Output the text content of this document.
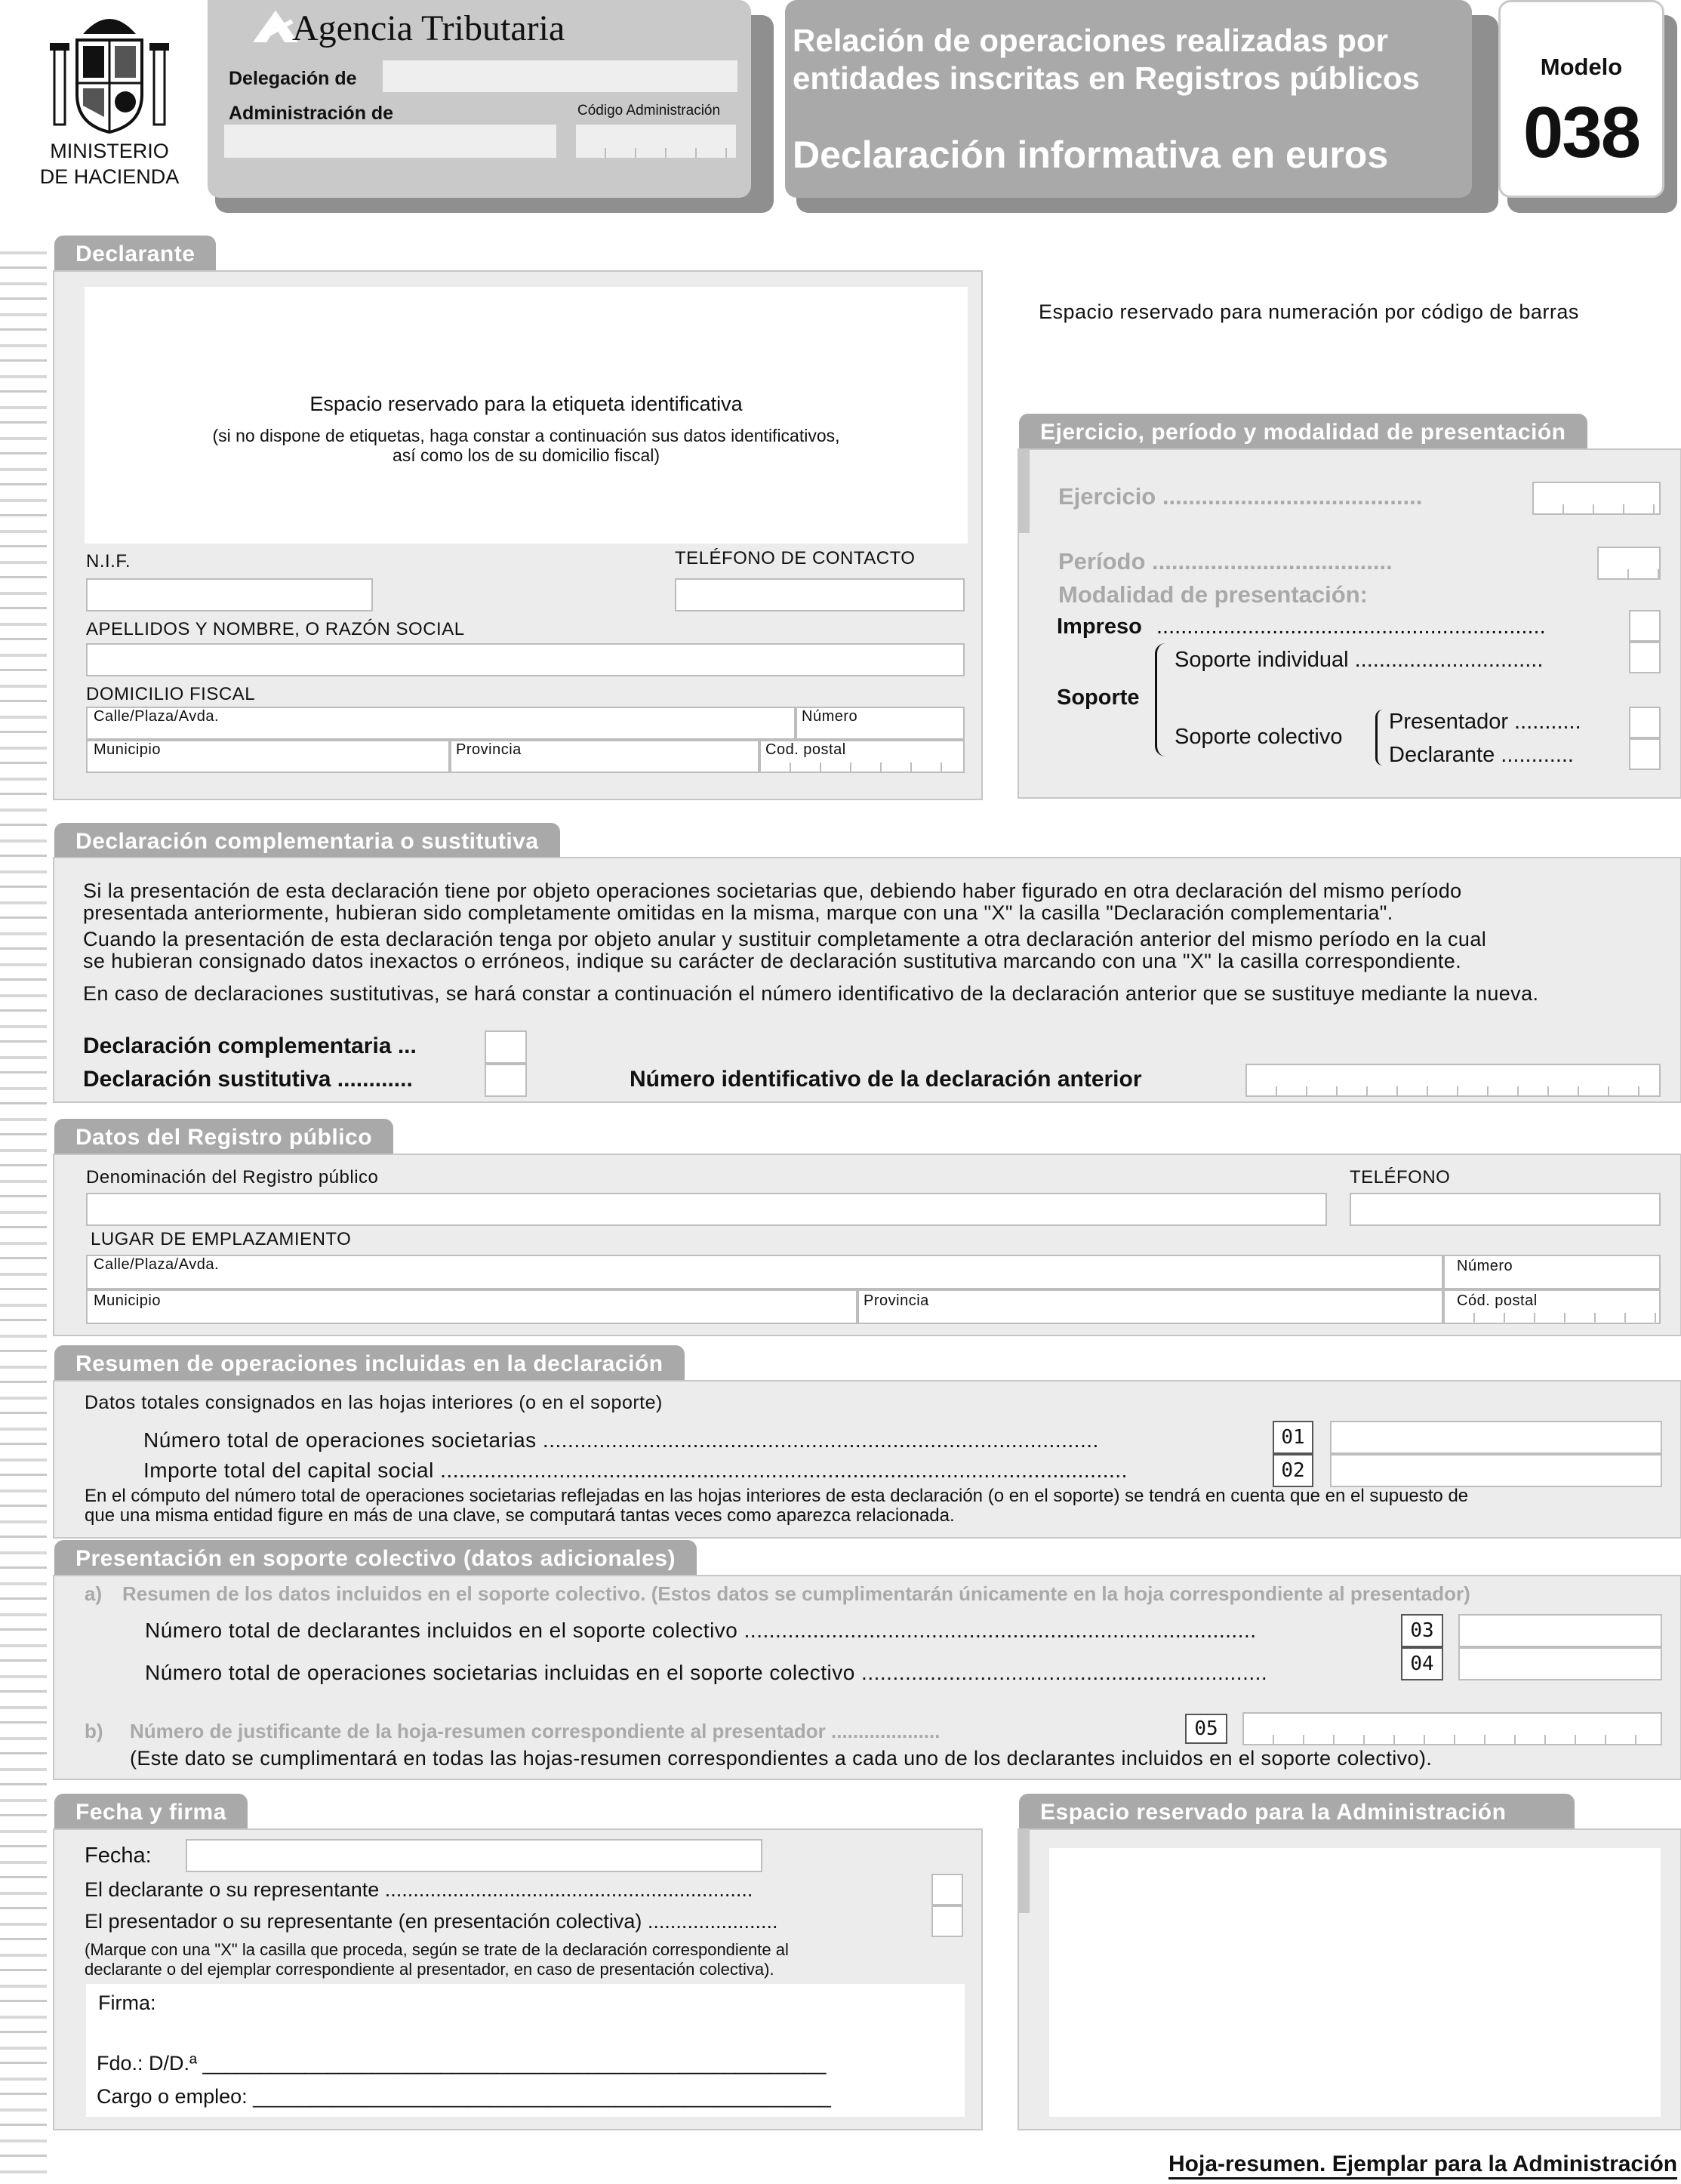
MINISTERIO
DE HACIENDA
Agencia Tributaria
Delegación de
Administración de	Código Administración
Relación de operaciones realizadas por
entidades inscritas en Registros públicos
Declaración informativa en euros
Modelo
038
Declarante
Espacio reservado para la etiqueta identificativa
(si no dispone de etiquetas, haga constar a continuación sus datos identificativos,
así como los de su domicilio fiscal)
N.I.F.	TELÉFONO DE CONTACTO
APELLIDOS Y NOMBRE, O RAZÓN SOCIAL
DOMICILIO FISCAL
Calle/Plaza/Avda.	Número
Municipio	Provincia	Cod. postal
Espacio reservado para numeración por código de barras
Ejercicio, período y modalidad de presentación
Ejercicio ........................................
Período .....................................
Modalidad de presentación:
Impreso ................................................................
Soporte
Soporte individual ...............................
Soporte colectivo
Presentador ...........
Declarante ............
Declaración complementaria o sustitutiva
Si la presentación de esta declaración tiene por objeto operaciones societarias que, debiendo haber figurado en otra declaración del mismo período
presentada anteriormente, hubieran sido completamente omitidas en la misma, marque con una "X" la casilla "Declaración complementaria".
Cuando la presentación de esta declaración tenga por objeto anular y sustituir completamente a otra declaración anterior del mismo período en la cual
se hubieran consignado datos inexactos o erróneos, indique su carácter de declaración sustitutiva marcando con una "X" la casilla correspondiente.
En caso de declaraciones sustitutivas, se hará constar a continuación el número identificativo de la declaración anterior que se sustituye mediante la nueva.
Declaración complementaria ...
Declaración sustitutiva ............	Número identificativo de la declaración anterior
Datos del Registro público
Denominación del Registro público	TELÉFONO
LUGAR DE EMPLAZAMIENTO
Calle/Plaza/Avda.	Número
Municipio	Provincia	Cód. postal
Resumen de operaciones incluidas en la declaración
Datos totales consignados en las hojas interiores (o en el soporte)
Número total de operaciones societarias .........................................................................................	01
Importe total del capital social ..............................................................................................................	02
En el cómputo del número total de operaciones societarias reflejadas en las hojas interiores de esta declaración (o en el soporte) se tendrá en cuenta que en el supuesto de
que una misma entidad figure en más de una clave, se computará tantas veces como aparezca relacionada.
Presentación en soporte colectivo (datos adicionales)
a) Resumen de los datos incluidos en el soporte colectivo. (Estos datos se cumplimentarán únicamente en la hoja correspondiente al presentador)
Número total de declarantes incluidos en el soporte colectivo ..................................................................................	03
Número total de operaciones societarias incluidas en el soporte colectivo .................................................................	04
b) Número de justificante de la hoja-resumen correspondiente al presentador ....................	05
(Este dato se cumplimentará en todas las hojas-resumen correspondientes a cada uno de los declarantes incluidos en el soporte colectivo).
Fecha y firma
Fecha:
El declarante o su representante .................................................................
El presentador o su representante (en presentación colectiva) .......................
(Marque con una "X" la casilla que proceda, según se trate de la declaración correspondiente al
declarante o del ejemplar correspondiente al presentador, en caso de presentación colectiva).
Firma:
Fdo.: D/D.ª _______________________________________________________
Cargo o empleo: ___________________________________________________
Espacio reservado para la Administración
Hoja-resumen. Ejemplar para la Administración
